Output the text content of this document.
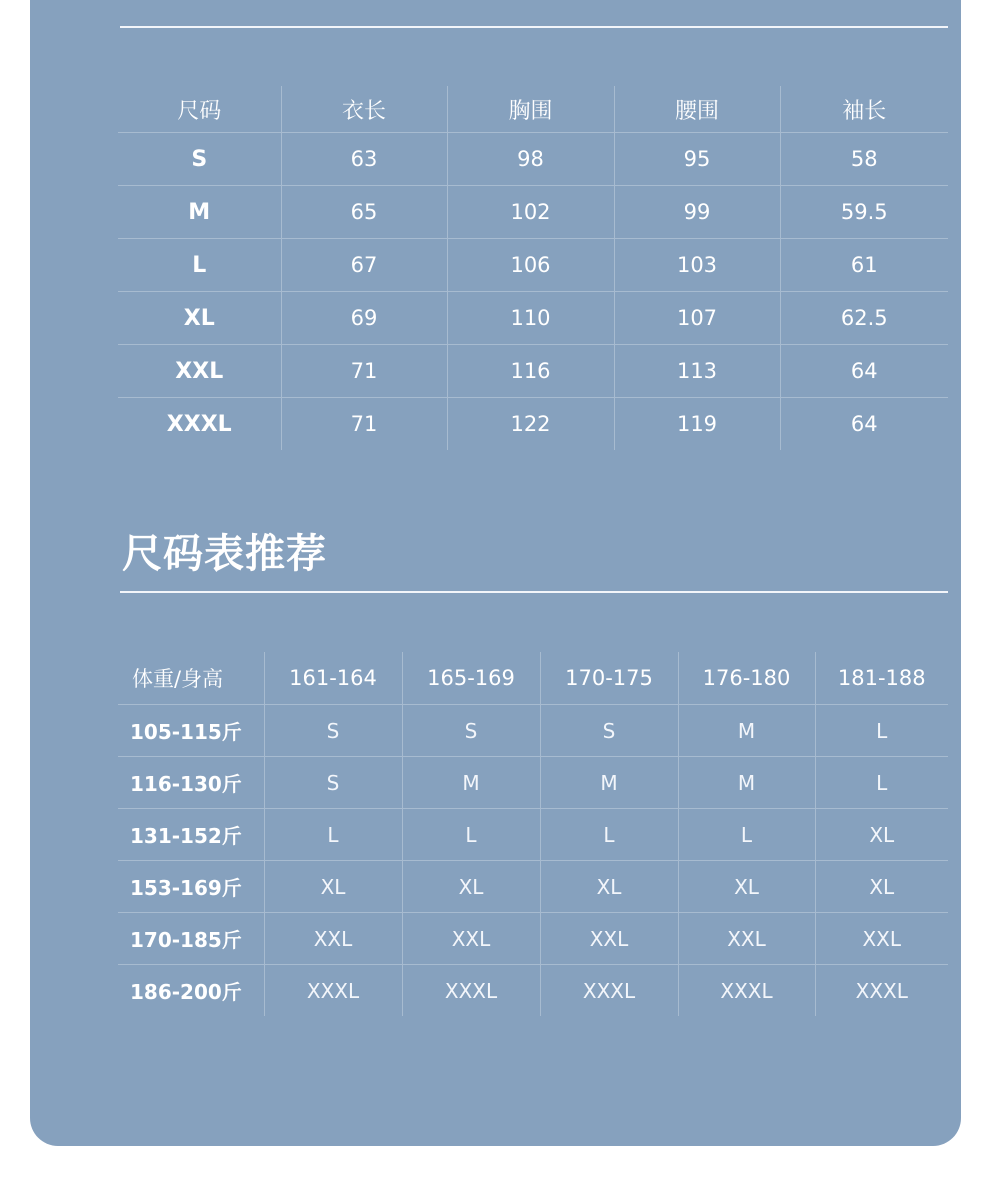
尺码	衣长	胸围	腰围	袖长
S	63	98	95	58
M	65	102	99	59.5
L	67	106	103	61
XL	69	110	107	62.5
XXL	71	116	113	64
XXXL	71	122	119	64
尺码表推荐
体重/身高	161-164	165-169	170-175	176-180	181-188
105-115斤	S	S	S	M	L
116-130斤	S	M	M	M	L
131-152斤	L	L	L	L	XL
153-169斤	XL	XL	XL	XL	XL
170-185斤	XXL	XXL	XXL	XXL	XXL
186-200斤	XXXL	XXXL	XXXL	XXXL	XXXL
